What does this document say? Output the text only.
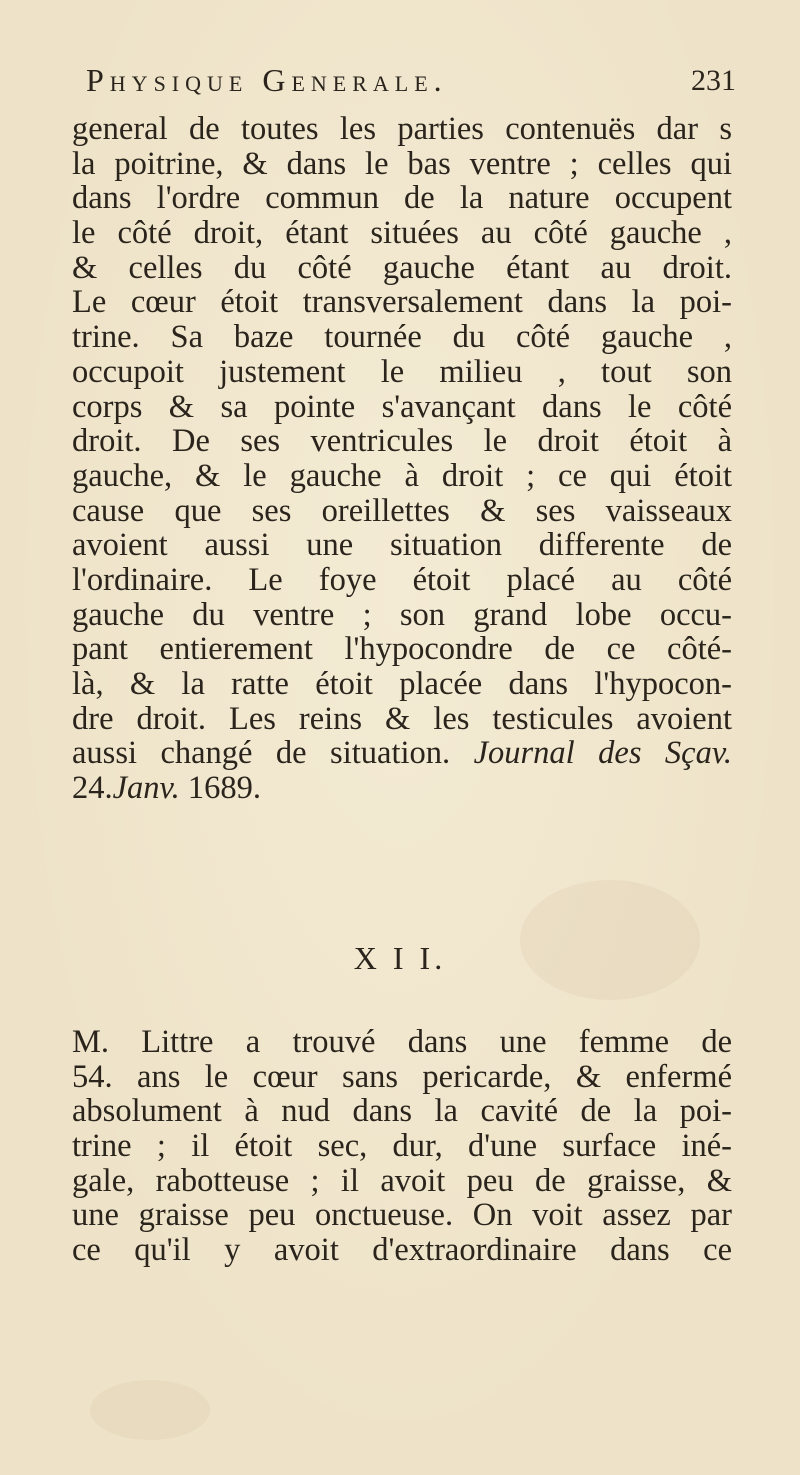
Physique Generale.	231
general de toutes les parties contenuës dar s
la poitrine, & dans le bas ventre ; celles qui
dans l'ordre commun de la nature occupent
le côté droit, étant situées au côté gauche ,
& celles du côté gauche étant au droit.
Le cœur étoit transversalement dans la poi-
trine. Sa baze tournée du côté gauche ,
occupoit justement le milieu , tout son
corps & sa pointe s'avançant dans le côté
droit. De ses ventricules le droit étoit à
gauche, & le gauche à droit ; ce qui étoit
cause que ses oreillettes & ses vaisseaux
avoient aussi une situation differente de
l'ordinaire. Le foye étoit placé au côté
gauche du ventre ; son grand lobe occu-
pant entierement l'hypocondre de ce côté-
là, & la ratte étoit placée dans l'hypocon-
dre droit. Les reins & les testicules avoient
aussi changé de situation. Journal des Sçav.
24.Janv. 1689.
X I I.
M. Littre a trouvé dans une femme de
54. ans le cœur sans pericarde, & enfermé
absolument à nud dans la cavité de la poi-
trine ; il étoit sec, dur, d'une surface iné-
gale, rabotteuse ; il avoit peu de graisse, &
une graisse peu onctueuse. On voit assez par
ce qu'il y avoit d'extraordinaire dans ce
